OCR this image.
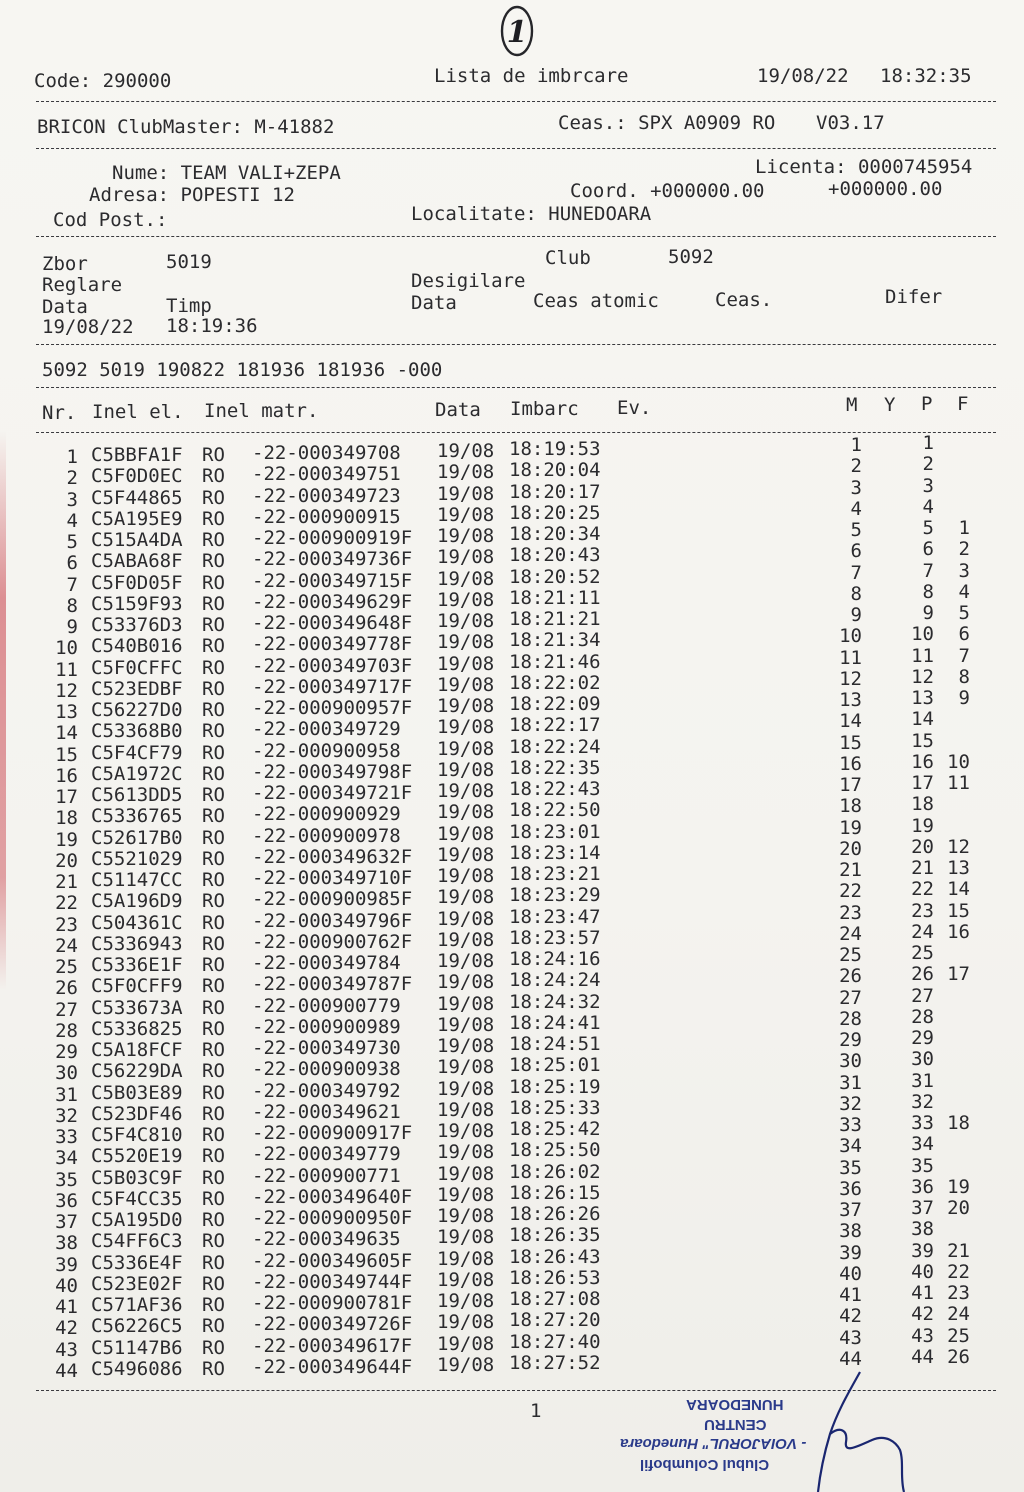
1
Code: 290000	Lista de imbrcare	19/08/22 18:32:35
BRICON ClubMaster: M-41882	Ceas.: SPX A0909 RO V03.17
Nume: TEAM VALI+ZEPA
Adresa: POPESTI 12
Cod Post.:
Licenta: 0000745954
Coord. +000000.00	+000000.00
Localitate: HUNEDOARA
Zbor	5019	Club	5092
Reglare	Desigilare
Data	Timp	Data	Ceas atomic	Ceas.	Difer
19/08/22 18:19:36
5092 5019 190822 181936 181936 -000
Nr. Inel el. Inel matr.	Data Imbarc Ev.	M Y P F
1 C5BBFA1F RO -22-000349708 19/08 18:19:53	1	1
2 C5F0D0EC RO -22-000349751 19/08 18:20:04	2	2
3 C5F44865 RO -22-000349723 19/08 18:20:17	3	3
4 C5A195E9 RO -22-000900915 19/08 18:20:25	4	4
5 C515A4DA RO -22-000900919F 19/08 18:20:34	5	5	1
6 C5ABA68F RO -22-000349736F 19/08 18:20:43	6	6	2
7 C5F0D05F RO -22-000349715F 19/08 18:20:52	7	7	3
8 C5159F93 RO -22-000349629F 19/08 18:21:11	8	8	4
9 C53376D3 RO -22-000349648F 19/08 18:21:21	9	9	5
10 C540B016 RO -22-000349778F 19/08 18:21:34	10	10	6
11 C5F0CFFC RO -22-000349703F 19/08 18:21:46	11	11	7
12 C523EDBF RO -22-000349717F 19/08 18:22:02	12	12	8
13 C56227D0 RO -22-000900957F 19/08 18:22:09	13	13	9
14 C53368B0 RO -22-000349729 19/08 18:22:17	14	14
15 C5F4CF79 RO -22-000900958 19/08 18:22:24	15	15
16 C5A1972C RO -22-000349798F 19/08 18:22:35	16	16 10
17 C5613DD5 RO -22-000349721F 19/08 18:22:43	17	17 11
18 C5336765 RO -22-000900929 19/08 18:22:50	18	18
19 C52617B0 RO -22-000900978 19/08 18:23:01	19	19
20 C5521029 RO -22-000349632F 19/08 18:23:14	20	20 12
21 C51147CC RO -22-000349710F 19/08 18:23:21	21	21 13
22 C5A196D9 RO -22-000900985F 19/08 18:23:29	22	22 14
23 C504361C RO -22-000349796F 19/08 18:23:47	23	23 15
24 C5336943 RO -22-000900762F 19/08 18:23:57	24	24 16
25 C5336E1F RO -22-000349784 19/08 18:24:16	25	25
26 C5F0CFF9 RO -22-000349787F 19/08 18:24:24	26	26 17
27 C533673A RO -22-000900779 19/08 18:24:32	27	27
28 C5336825 RO -22-000900989 19/08 18:24:41	28	28
29 C5A18FCF RO -22-000349730 19/08 18:24:51	29	29
30 C56229DA RO -22-000900938 19/08 18:25:01	30	30
31 C5B03E89 RO -22-000349792 19/08 18:25:19	31	31
32 C523DF46 RO -22-000349621 19/08 18:25:33	32	32
33 C5F4C810 RO -22-000900917F 19/08 18:25:42	33	33 18
34 C5520E19 RO -22-000349779 19/08 18:25:50	34	34
35 C5B03C9F RO -22-000900771 19/08 18:26:02	35	35
36 C5F4CC35 RO -22-000349640F 19/08 18:26:15	36	36 19
37 C5A195D0 RO -22-000900950F 19/08 18:26:26	37	37 20
38 C54FF6C3 RO -22-000349635 19/08 18:26:35	38	38
39 C5336E4F RO -22-000349605F 19/08 18:26:43	39	39 21
40 C523E02F RO -22-000349744F 19/08 18:26:53	40	40 22
41 C571AF36 RO -22-000900781F 19/08 18:27:08	41	41 23
42 C56226C5 RO -22-000349726F 19/08 18:27:20	42	42 24
43 C51147B6 RO -22-000349617F 19/08 18:27:40	43	43 25
44 C5496086 RO -22-000349644F 19/08 18:27:52	44	44 26
1	HUNEDOARA
CENTRU
- VOIAJORUL" Hunedoara
Clubul Columbofil
